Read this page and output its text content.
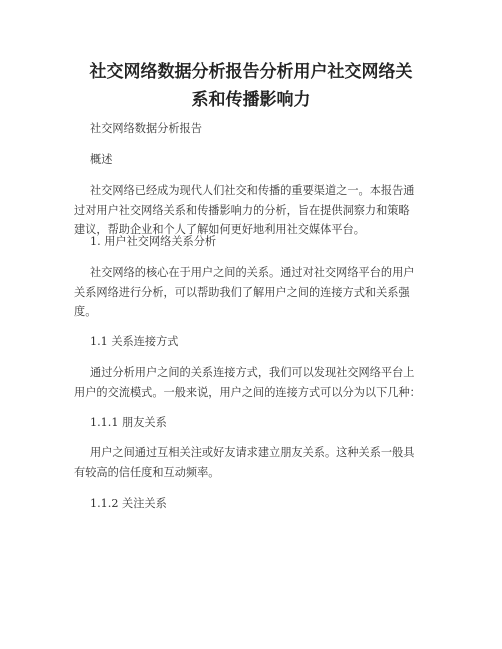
社交网络数据分析报告分析用户社交网络关
系和传播影响力

社交网络数据分析报告

概述

社交网络已经成为现代人们社交和传播的重要渠道之一。本报告通
过对用户社交网络关系和传播影响力的分析，旨在提供洞察力和策略
建议，帮助企业和个人了解如何更好地利用社交媒体平台。

1. 用户社交网络关系分析

社交网络的核心在于用户之间的关系。通过对社交网络平台的用户
关系网络进行分析，可以帮助我们了解用户之间的连接方式和关系强
度。

1.1 关系连接方式

通过分析用户之间的关系连接方式，我们可以发现社交网络平台上
用户的交流模式。一般来说，用户之间的连接方式可以分为以下几种：

1.1.1 朋友关系

用户之间通过互相关注或好友请求建立朋友关系。这种关系一般具
有较高的信任度和互动频率。

1.1.2 关注关系
